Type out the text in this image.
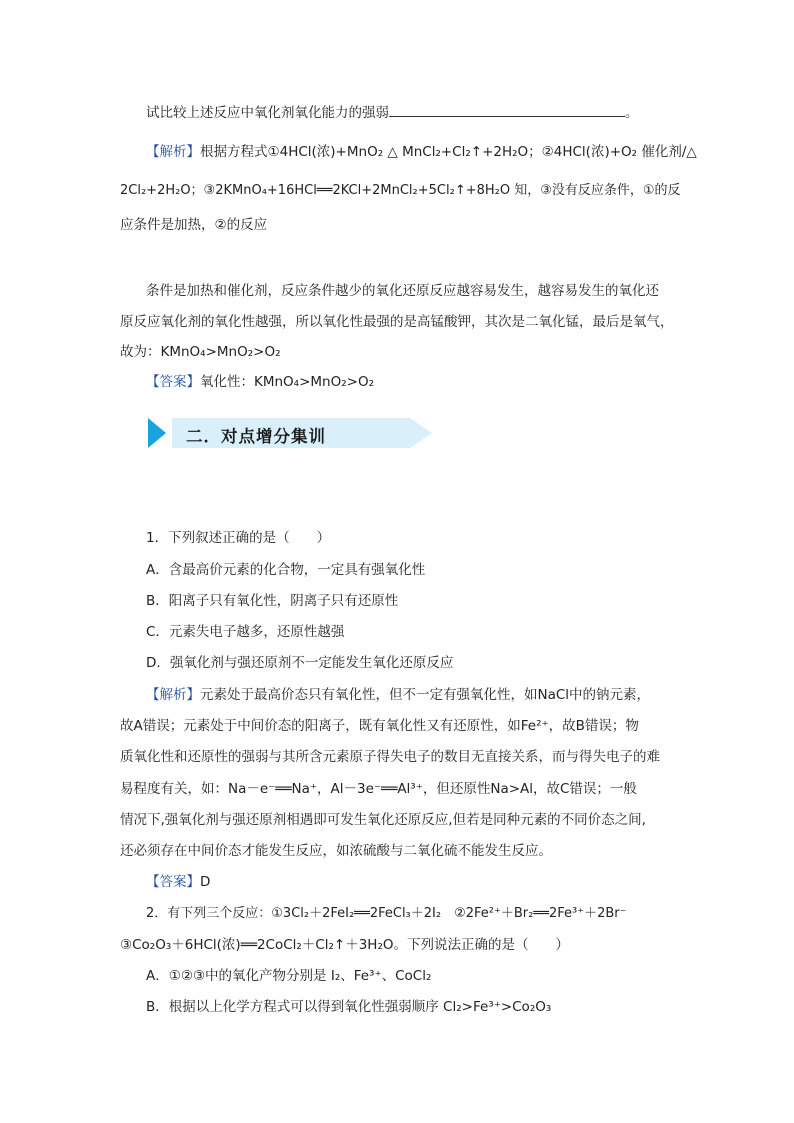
试比较上述反应中氧化剂氧化能力的强弱	。
【解析】根据方程式①4HCl(浓)+MnO₂ △ MnCl₂+Cl₂↑+2H₂O；②4HCl(浓)+O₂ 催化剂/△
2Cl₂+2H₂O；③2KMnO₄+16HCl══2KCl+2MnCl₂+5Cl₂↑+8H₂O 知，③没有反应条件，①的反
应条件是加热，②的反应
条件是加热和催化剂，反应条件越少的氧化还原反应越容易发生，越容易发生的氧化还
原反应氧化剂的氧化性越强，所以氧化性最强的是高锰酸钾，其次是二氧化锰，最后是氧气，
故为：KMnO₄>MnO₂>O₂
【答案】氧化性：KMnO₄>MnO₂>O₂
二．对点增分集训
1．下列叙述正确的是（　　）
A．含最高价元素的化合物，一定具有强氧化性
B．阳离子只有氧化性，阴离子只有还原性
C．元素失电子越多，还原性越强
D．强氧化剂与强还原剂不一定能发生氧化还原反应
【解析】元素处于最高价态只有氧化性，但不一定有强氧化性，如NaCl中的钠元素，
故A错误；元素处于中间价态的阳离子，既有氧化性又有还原性，如Fe²⁺，故B错误；物
质氧化性和还原性的强弱与其所含元素原子得失电子的数目无直接关系，而与得失电子的难
易程度有关，如：Na－e⁻══Na⁺，Al－3e⁻══Al³⁺，但还原性Na>Al，故C错误；一般
情况下,强氧化剂与强还原剂相遇即可发生氧化还原反应,但若是同种元素的不同价态之间,
还必须存在中间价态才能发生反应，如浓硫酸与二氧化硫不能发生反应。
【答案】D
2．有下列三个反应：①3Cl₂＋2FeI₂══2FeCl₃＋2I₂　②2Fe²⁺＋Br₂══2Fe³⁺＋2Br⁻
③Co₂O₃＋6HCl(浓)══2CoCl₂＋Cl₂↑＋3H₂O。下列说法正确的是（　　）
A．①②③中的氧化产物分别是 I₂、Fe³⁺、CoCl₂
B．根据以上化学方程式可以得到氧化性强弱顺序 Cl₂>Fe³⁺>Co₂O₃
